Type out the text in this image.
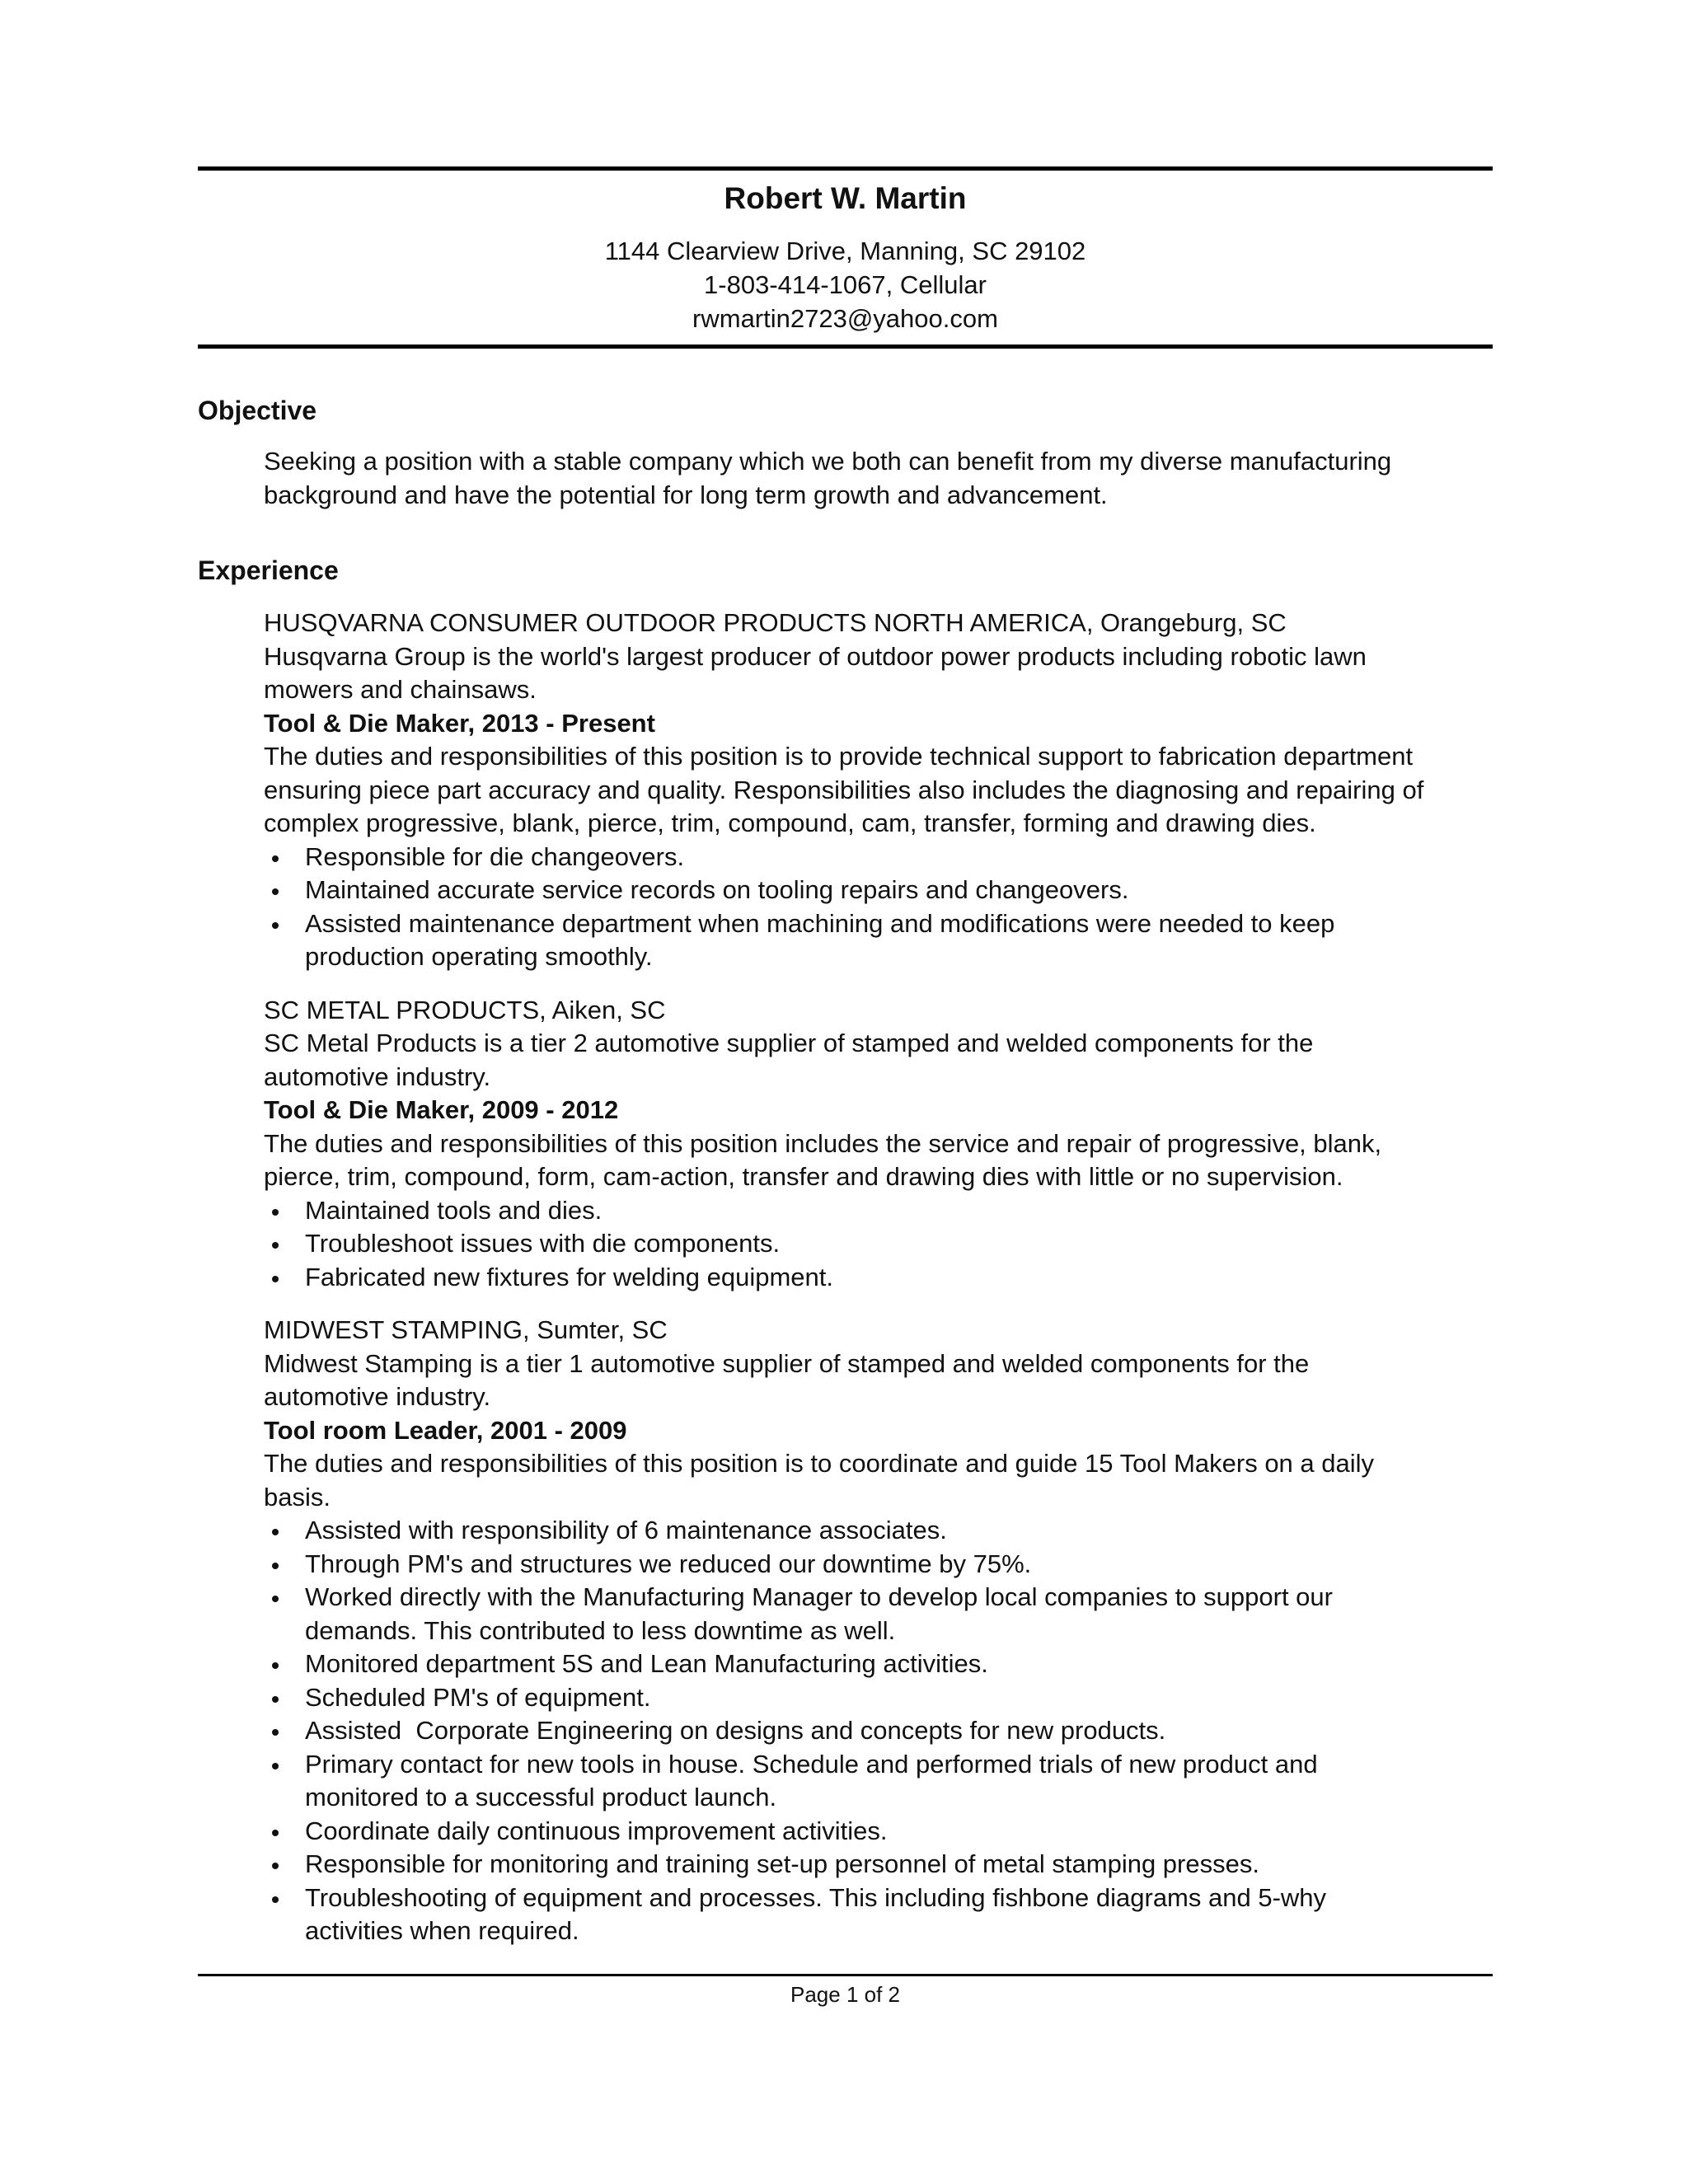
Robert W. Martin
1144 Clearview Drive, Manning, SC 29102
1-803-414-1067, Cellular
rwmartin2723@yahoo.com
Objective
Seeking a position with a stable company which we both can benefit from my diverse manufacturing
background and have the potential for long term growth and advancement.
Experience
HUSQVARNA CONSUMER OUTDOOR PRODUCTS NORTH AMERICA, Orangeburg, SC
Husqvarna Group is the world's largest producer of outdoor power products including robotic lawn
mowers and chainsaws.
Tool & Die Maker, 2013 - Present
The duties and responsibilities of this position is to provide technical support to fabrication department
ensuring piece part accuracy and quality. Responsibilities also includes the diagnosing and repairing of
complex progressive, blank, pierce, trim, compound, cam, transfer, forming and drawing dies.
Responsible for die changeovers.
Maintained accurate service records on tooling repairs and changeovers.
Assisted maintenance department when machining and modifications were needed to keep
production operating smoothly.
SC METAL PRODUCTS, Aiken, SC
SC Metal Products is a tier 2 automotive supplier of stamped and welded components for the
automotive industry.
Tool & Die Maker, 2009 - 2012
The duties and responsibilities of this position includes the service and repair of progressive, blank,
pierce, trim, compound, form, cam-action, transfer and drawing dies with little or no supervision.
Maintained tools and dies.
Troubleshoot issues with die components.
Fabricated new fixtures for welding equipment.
MIDWEST STAMPING, Sumter, SC
Midwest Stamping is a tier 1 automotive supplier of stamped and welded components for the
automotive industry.
Tool room Leader, 2001 - 2009
The duties and responsibilities of this position is to coordinate and guide 15 Tool Makers on a daily
basis.
Assisted with responsibility of 6 maintenance associates.
Through PM's and structures we reduced our downtime by 75%.
Worked directly with the Manufacturing Manager to develop local companies to support our
demands. This contributed to less downtime as well.
Monitored department 5S and Lean Manufacturing activities.
Scheduled PM's of equipment.
Assisted  Corporate Engineering on designs and concepts for new products.
Primary contact for new tools in house. Schedule and performed trials of new product and
monitored to a successful product launch.
Coordinate daily continuous improvement activities.
Responsible for monitoring and training set-up personnel of metal stamping presses.
Troubleshooting of equipment and processes. This including fishbone diagrams and 5-why
activities when required.
Page 1 of 2
